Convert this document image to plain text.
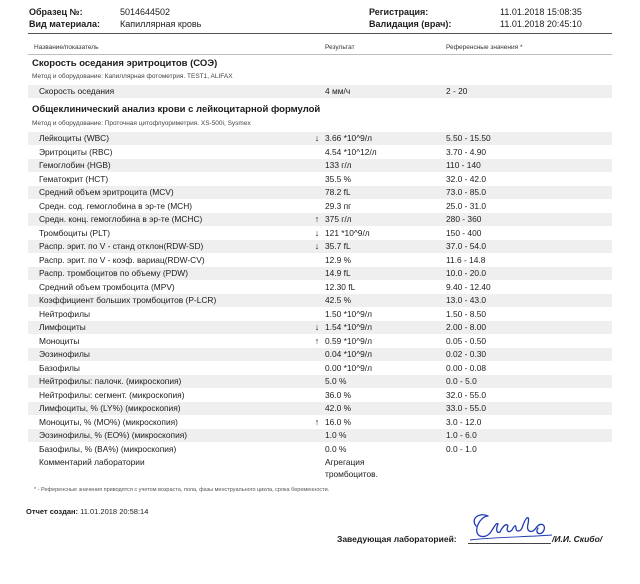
Образец №:	5014644502
Вид материала: Капиллярная кровь
Регистрация:	11.01.2018 15:08:35
Валидация (врач):	11.01.2018 20:45:10
Название/показатель	Результат	Референсные значения *
Скорость оседания эритроцитов (СОЭ)
Метод и оборудование: Капиллярная фотометрия. TEST1, ALIFAX
Скорость оседания	4 мм/ч	2 - 20
Общеклинический анализ крови с лейкоцитарной формулой
Метод и оборудование: Проточная цитофлуориметрия. XS-500i, Sysmex
Лейкоциты (WBC)	↓ 3.66 *10^9/л	5.50 - 15.50
Эритроциты (RBC)	4.54 *10^12/л	3.70 - 4.90
Гемоглобин (HGB)	133 г/л	110 - 140
Гематокрит (HCT)	35.5 %	32.0 - 42.0
Средний объем эритроцита (MCV)	78.2 fL	73.0 - 85.0
Средн. сод. гемоглобина в эр-те (MCH)	29.3 пг	25.0 - 31.0
Средн. конц. гемоглобина в эр-те (MCHC)	↑ 375 г/л	280 - 360
Тромбоциты (PLT)	↓ 121 *10^9/л	150 - 400
Распр. эрит. по V - станд отклон(RDW-SD)	↓ 35.7 fL	37.0 - 54.0
Распр. эрит. по V - коэф. вариац(RDW-CV)	12.9 %	11.6 - 14.8
Распр. тромбоцитов по объему (PDW)	14.9 fL	10.0 - 20.0
Средний объем тромбоцита (MPV)	12.30 fL	9.40 - 12.40
Коэффициент больших тромбоцитов (P-LCR)	42.5 %	13.0 - 43.0
Нейтрофилы	1.50 *10^9/л	1.50 - 8.50
Лимфоциты	↓ 1.54 *10^9/л	2.00 - 8.00
Моноциты	↑ 0.59 *10^9/л	0.05 - 0.50
Эозинофилы	0.04 *10^9/л	0.02 - 0.30
Базофилы	0.00 *10^9/л	0.00 - 0.08
Нейтрофилы: палочк. (микроскопия)	5.0 %	0.0 - 5.0
Нейтрофилы: сегмент. (микроскопия)	36.0 %	32.0 - 55.0
Лимфоциты, % (LY%) (микроскопия)	42.0 %	33.0 - 55.0
Моноциты, % (MO%) (микроскопия)	↑ 16.0 %	3.0 - 12.0
Эозинофилы, % (EO%) (микроскопия)	1.0 %	1.0 - 6.0
Базофилы, % (BA%) (микроскопия)	0.0 %	0.0 - 1.0
Комментарий лаборатории	Агрегация
тромбоцитов.
* - Референсные значения приводятся с учетом возраста, пола, фазы менструального цикла, срока беременности.
Отчет создан: 11.01.2018 20:58:14
Заведующая лабораторией:	/И.И. Скибо/
